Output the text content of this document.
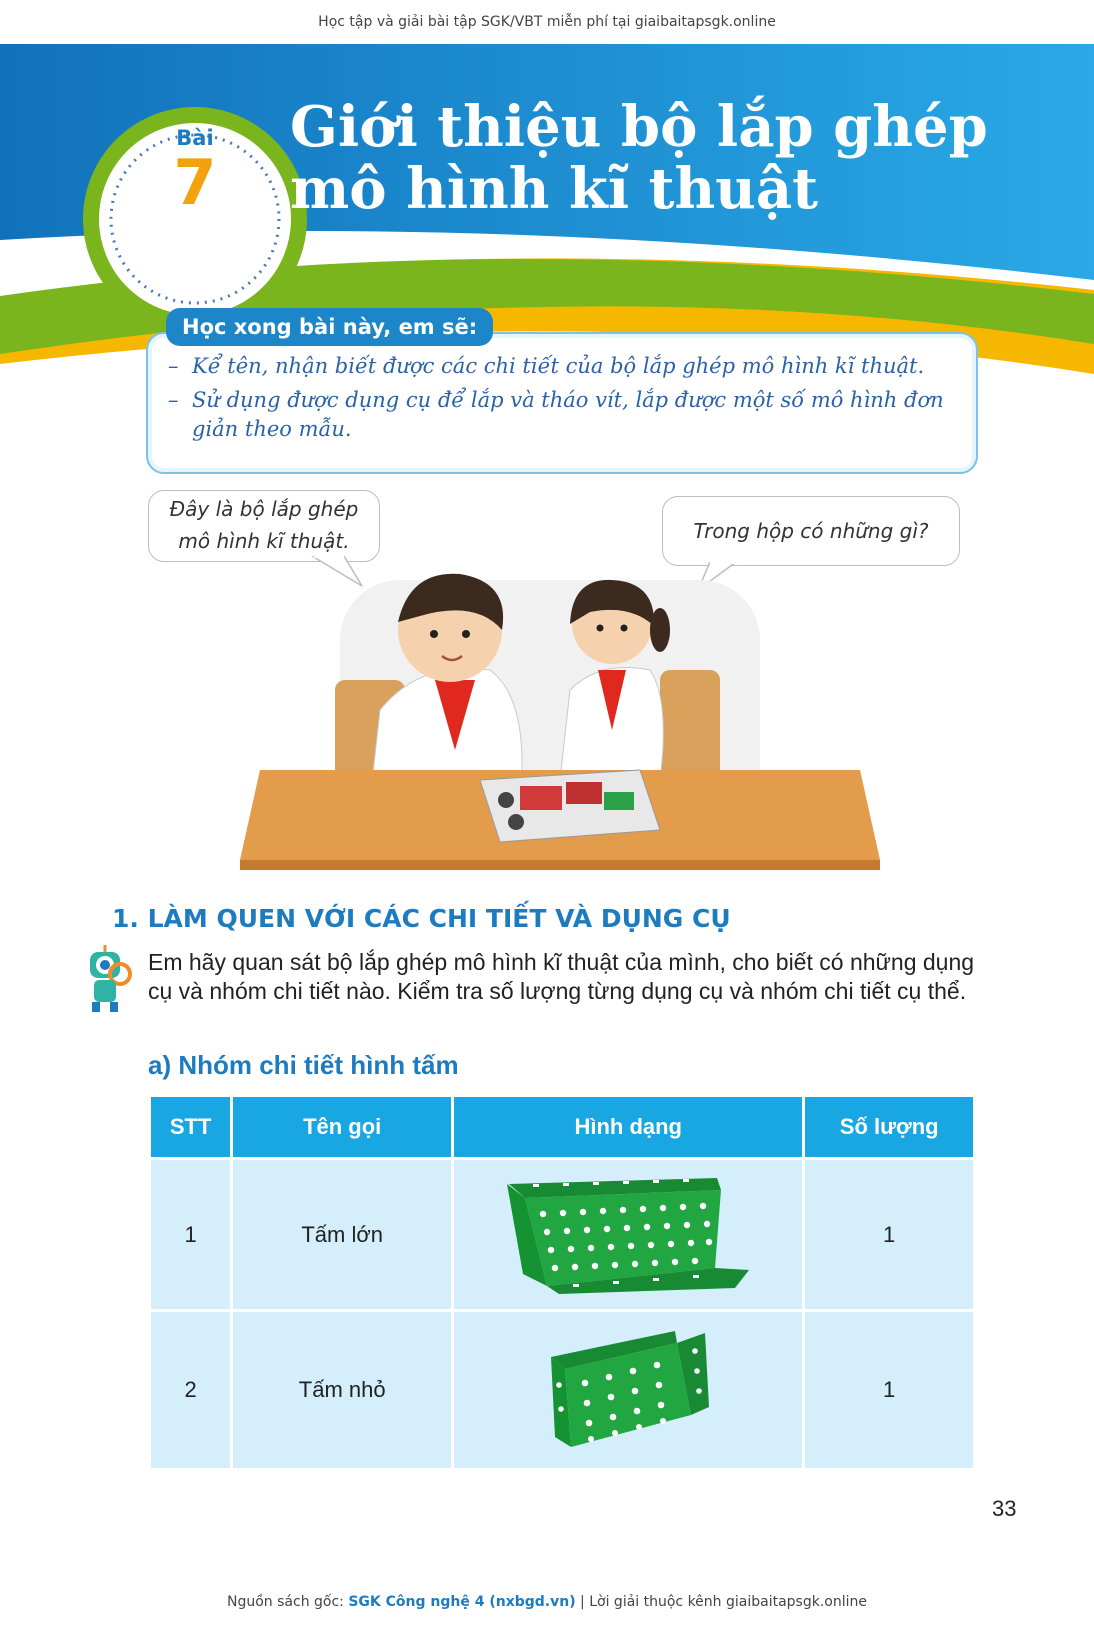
Học tập và giải bài tập SGK/VBT miễn phí tại giaibaitapsgk.online
Bài
7
Giới thiệu bộ lắp ghép
mô hình kĩ thuật
Học xong bài này, em sẽ:
– Kể tên, nhận biết được các chi tiết của bộ lắp ghép mô hình kĩ thuật.
– Sử dụng được dụng cụ để lắp và tháo vít, lắp được một số mô hình đơn giản theo mẫu.
Đây là bộ lắp ghép
mô hình kĩ thuật.	Trong hộp có những gì?
1. LÀM QUEN VỚI CÁC CHI TIẾT VÀ DỤNG CỤ
Em hãy quan sát bộ lắp ghép mô hình kĩ thuật của mình, cho biết có những dụng cụ và nhóm chi tiết nào. Kiểm tra số lượng từng dụng cụ và nhóm chi tiết cụ thể.
a) Nhóm chi tiết hình tấm
STT	Tên gọi	Hình dạng	Số lượng
1	Tấm lớn		1
2	Tấm nhỏ		1
33
Nguồn sách gốc: SGK Công nghệ 4 (nxbgd.vn) | Lời giải thuộc kênh giaibaitapsgk.online
